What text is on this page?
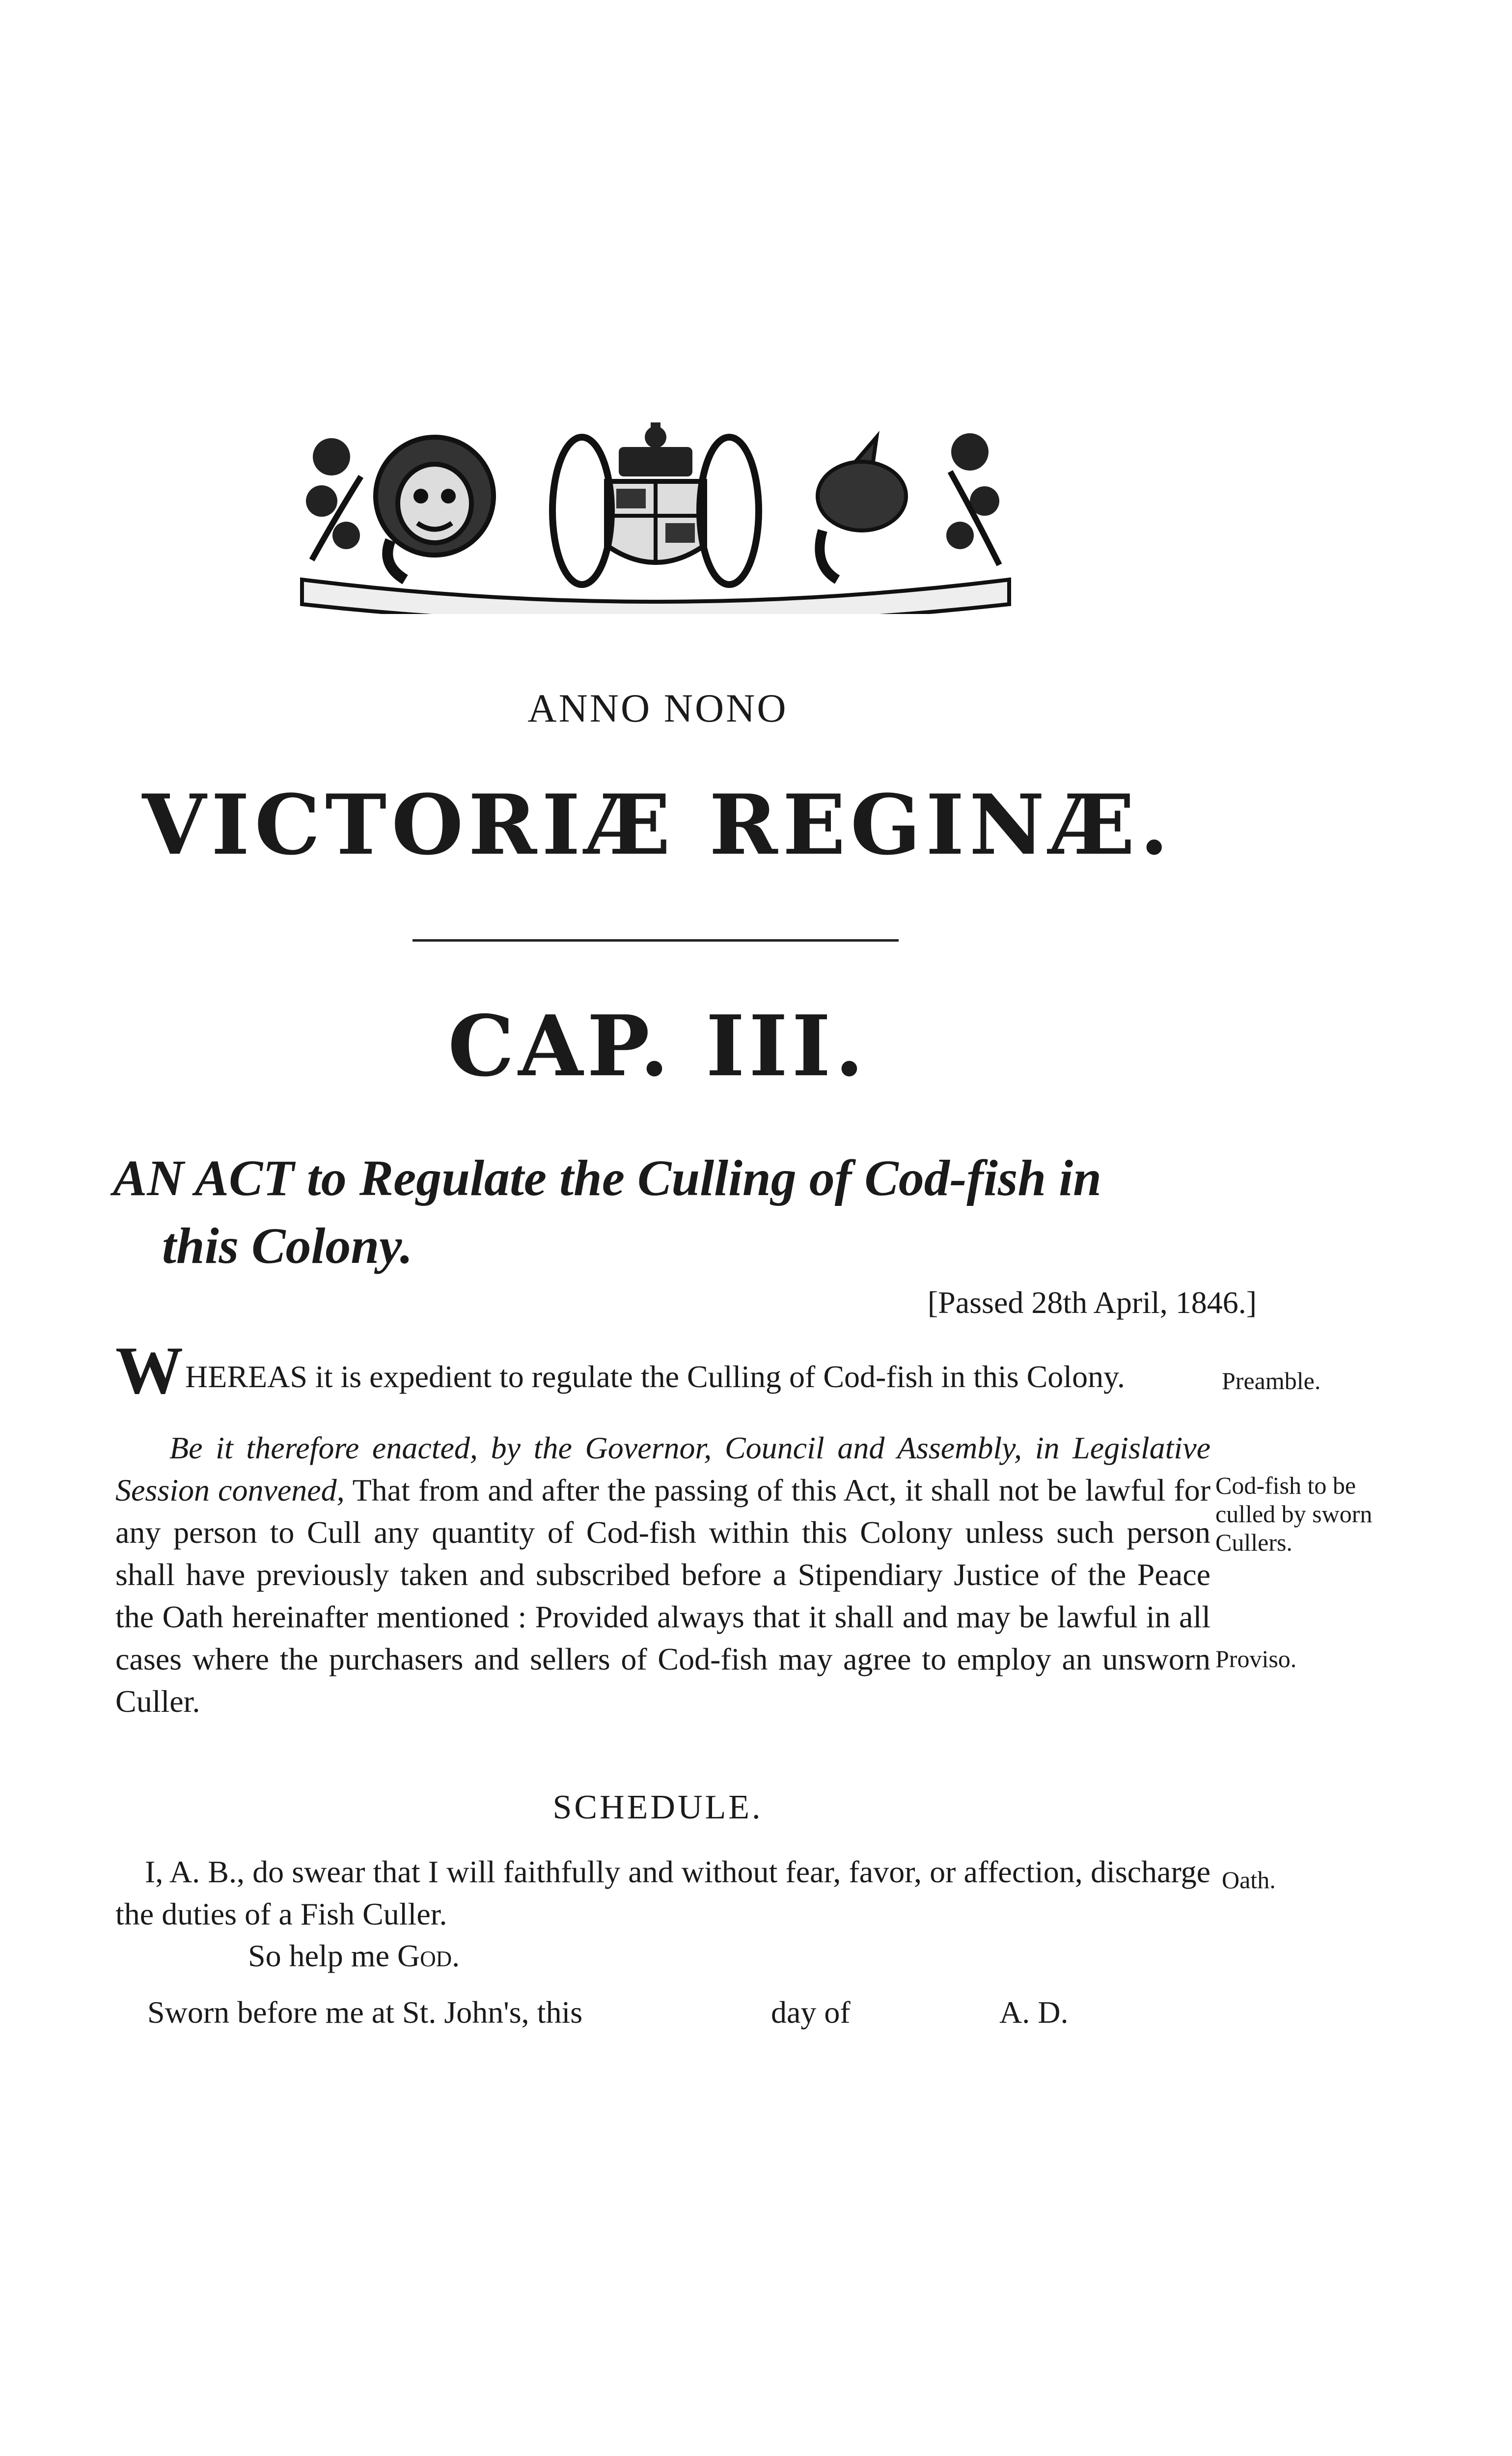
ANNO NONO
VICTORIÆ REGINÆ.
CAP. III.
AN ACT to Regulate the Culling of Cod-fish in
this Colony.
[Passed 28th April, 1846.]
WHEREAS it is expedient to regulate the Culling of Cod-fish in this Colony.	Preamble.
Be it therefore enacted, by the Governor, Council and Assembly, in Legislative Session convened, That from and after the passing of this Act, it shall not be lawful for any person to Cull any quantity of Cod-fish within this Colony unless such person shall have previously taken and subscribed before a Stipendiary Justice of the Peace the Oath hereinafter mentioned : Provided always that it shall and may be lawful in all cases where the purchasers and sellers of Cod-fish may agree to employ an unsworn Culler.
Cod-fish to be culled by sworn Cullers.
Proviso.
SCHEDULE.
I, A. B., do swear that I will faithfully and without fear, favor, or affection, discharge the duties of a Fish Culler.
Oath.
So help me God.
Sworn before me at St. John's, this	day of	A. D.
